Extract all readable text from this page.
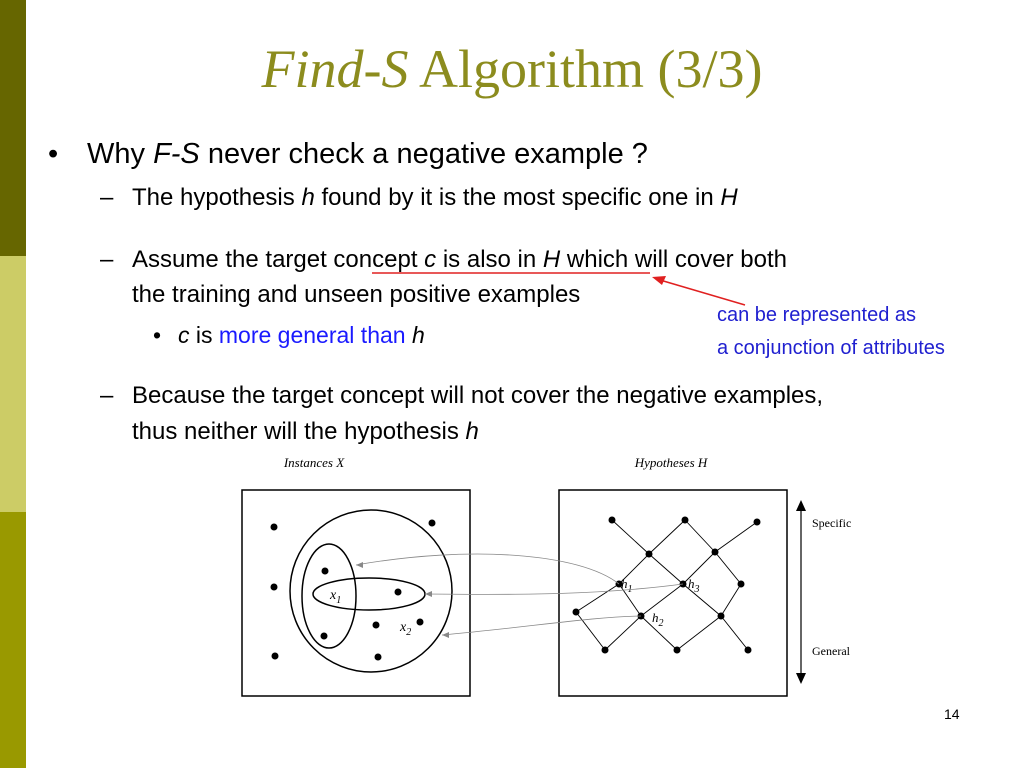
Find-S Algorithm (3/3)
• Why F-S never check a negative example ?
– The hypothesis h found by it is the most specific one in H
– Assume the target concept c is also in H which will cover both
the training and unseen positive examples
• c is more general than h
can be represented as
a conjunction of attributes
– Because the target concept will not cover the negative examples,
thus neither will the hypothesis h
Instances X	Hypotheses H
$x_1$
$x_2$
$h_1$
$h_2$
$h_3$
Specific
General
14
